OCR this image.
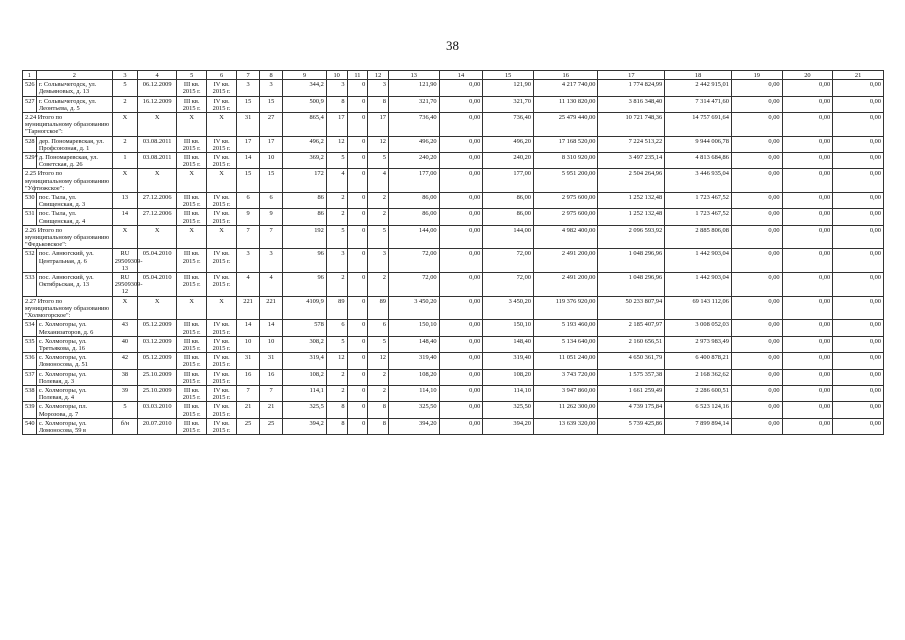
38
1	2	3	4	5	6	7	8	9	10	11	12	13	14	15	16	17	18	19	20	21
526	г. Сольвычегодск, ул. Демьяновых, д. 13	5	06.12.2009	III кв. 2015 г.	IV кв. 2015 г.	3	3	344,2	3	0	3	121,90	0,00	121,90	4 217 740,00	1 774 824,99	2 442 915,01	0,00	0,00	0,00
527	г. Сольвычегодск, ул. Леонтьева, д. 5	2	16.12.2009	III кв. 2015 г.	IV кв. 2015 г.	15	15	500,9	8	0	8	321,70	0,00	321,70	11 130 820,00	3 816 348,40	7 314 471,60	0,00	0,00	0,00
2.24 Итого по муниципальному образованию "Тарногское":		X	X	X	X	31	27	865,4	17	0	17	736,40	0,00	736,40	25 479 440,00	10 721 748,36	14 757 691,64	0,00	0,00	0,00
528	дер. Пономаревская, ул. Профсоюзная, д. 1	2	03.08.2011	III кв. 2015 г.	IV кв. 2015 г.	17	17	496,2	12	0	12	496,20	0,00	496,20	17 168 520,00	7 224 513,22	9 944 006,78	0,00	0,00	0,00
529*	д. Пономаревская, ул. Советская, д. 26	1	03.08.2011	III кв. 2015 г.	IV кв. 2015 г.	14	10	369,2	5	0	5	240,20	0,00	240,20	8 310 920,00	3 497 235,14	4 813 684,86	0,00	0,00	0,00
2.25 Итого по муниципальному образованию "Уфтюжское":		X	X	X	X	15	15	172	4	0	4	177,00	0,00	177,00	5 951 200,00	2 504 264,96	3 446 935,04	0,00	0,00	0,00
530	пос. Тыла, ул. Свищенская, д. 3	13	27.12.2006	III кв. 2015 г.	IV кв. 2015 г.	6	6	86	2	0	2	86,00	0,00	86,00	2 975 600,00	1 252 132,48	1 723 467,52	0,00	0,00	0,00
531	пос. Тыла, ул. Свищенская, д. 4	14	27.12.2006	III кв. 2015 г.	IV кв. 2015 г.	9	9	86	2	0	2	86,00	0,00	86,00	2 975 600,00	1 252 132,48	1 723 467,52	0,00	0,00	0,00
2.26 Итого по муниципальному образованию "Федьковское":		X	X	X	X	7	7	192	5	0	5	144,00	0,00	144,00	4 982 400,00	2 096 593,92	2 885 806,08	0,00	0,00	0,00
532	пос. Авнюгский, ул. Центральная, д. 6	RU 29509309-13	05.04.2010	III кв. 2015 г.	IV кв. 2015 г.	3	3	96	3	0	3	72,00	0,00	72,00	2 491 200,00	1 048 296,96	1 442 903,04	0,00	0,00	0,00
533	пос. Авнюгский, ул. Октябрьская, д. 13	RU 29509309-12	05.04.2010	III кв. 2015 г.	IV кв. 2015 г.	4	4	96	2	0	2	72,00	0,00	72,00	2 491 200,00	1 048 296,96	1 442 903,04	0,00	0,00	0,00
2.27 Итого по муниципальному образованию "Холмогорское":		X	X	X	X	221	221	4109,9	89	0	89	3 450,20	0,00	3 450,20	119 376 920,00	50 233 807,94	69 143 112,06	0,00	0,00	0,00
534	с. Холмогоры, ул. Механизаторов, д. 6	43	05.12.2009	III кв. 2015 г.	IV кв. 2015 г.	14	14	578	6	0	6	150,10	0,00	150,10	5 193 460,00	2 185 407,97	3 008 052,03	0,00	0,00	0,00
535	с. Холмогоры, ул. Третьякова, д. 16	40	03.12.2009	III кв. 2015 г.	IV кв. 2015 г.	10	10	308,2	5	0	5	148,40	0,00	148,40	5 134 640,00	2 160 656,51	2 973 983,49	0,00	0,00	0,00
536	с. Холмогоры, ул. Ломоносова, д. 51	42	05.12.2009	III кв. 2015 г.	IV кв. 2015 г.	31	31	319,4	12	0	12	319,40	0,00	319,40	11 051 240,00	4 650 361,79	6 400 878,21	0,00	0,00	0,00
537	с. Холмогоры, ул. Полевая, д. 3	38	25.10.2009	III кв. 2015 г.	IV кв. 2015 г.	16	16	108,2	2	0	2	108,20	0,00	108,20	3 743 720,00	1 575 357,38	2 168 362,62	0,00	0,00	0,00
538	с. Холмогоры, ул. Полевая, д. 4	39	25.10.2009	III кв. 2015 г.	IV кв. 2015 г.	7	7	114,1	2	0	2	114,10	0,00	114,10	3 947 860,00	1 661 259,49	2 286 600,51	0,00	0,00	0,00
539	с. Холмогоры, пл. Морозова, д. 7	5	03.03.2010	III кв. 2015 г.	IV кв. 2015 г.	21	21	325,5	8	0	8	325,50	0,00	325,50	11 262 300,00	4 739 175,84	6 523 124,16	0,00	0,00	0,00
540	с. Холмогоры, ул. Ломоносова, 59 в	б/н	20.07.2010	III кв. 2015 г.	IV кв. 2015 г.	25	25	394,2	8	0	8	394,20	0,00	394,20	13 639 320,00	5 739 425,86	7 899 894,14	0,00	0,00	0,00
